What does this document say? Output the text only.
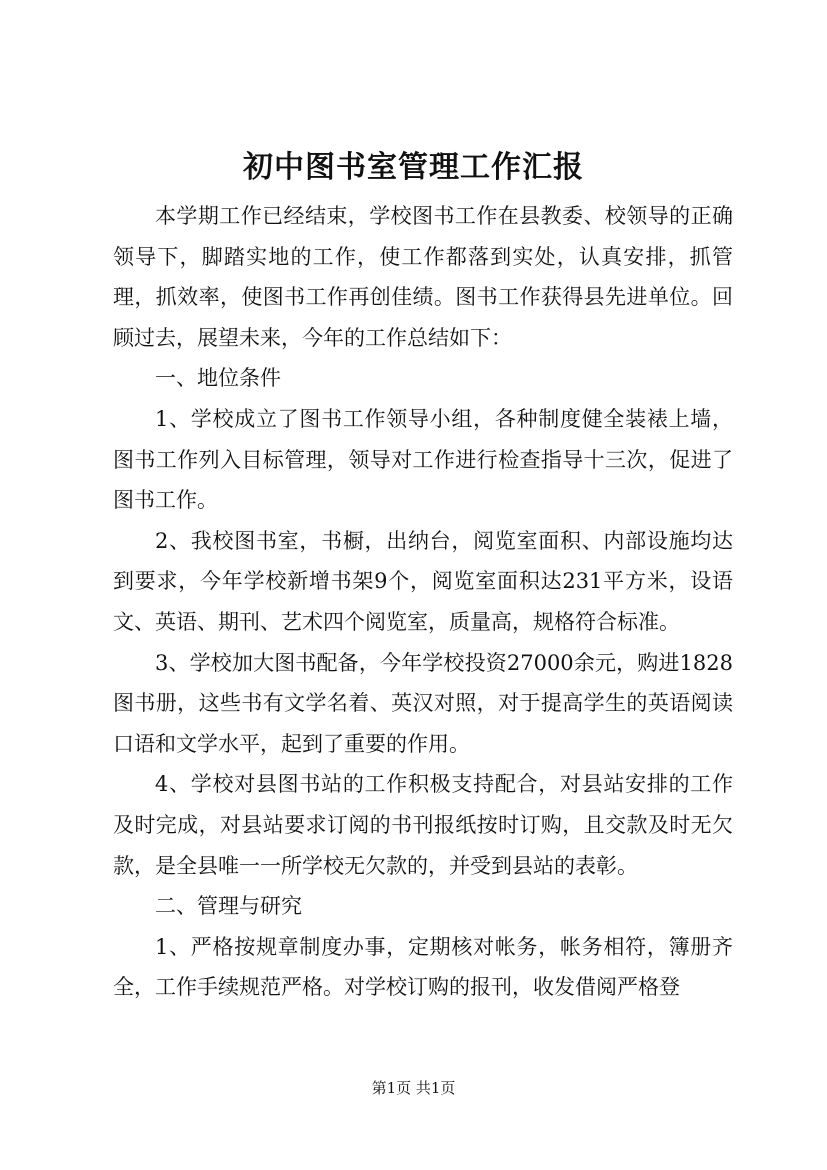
初中图书室管理工作汇报

本学期工作已经结束，学校图书工作在县教委、校领导的正确领导下，脚踏实地的工作，使工作都落到实处，认真安排，抓管理，抓效率，使图书工作再创佳绩。图书工作获得县先进单位。回顾过去，展望未来，今年的工作总结如下：

一、地位条件

1、学校成立了图书工作领导小组，各种制度健全装裱上墙，图书工作列入目标管理，领导对工作进行检查指导十三次，促进了图书工作。

2、我校图书室，书橱，出纳台，阅览室面积、内部设施均达到要求，今年学校新增书架9个，阅览室面积达231平方米，设语文、英语、期刊、艺术四个阅览室，质量高，规格符合标准。

3、学校加大图书配备，今年学校投资27000余元，购进1828图书册，这些书有文学名着、英汉对照，对于提高学生的英语阅读口语和文学水平，起到了重要的作用。

4、学校对县图书站的工作积极支持配合，对县站安排的工作及时完成，对县站要求订阅的书刊报纸按时订购，且交款及时无欠款，是全县唯一一所学校无欠款的，并受到县站的表彰。

二、管理与研究

1、严格按规章制度办事，定期核对帐务，帐务相符，簿册齐全，工作手续规范严格。对学校订购的报刊，收发借阅严格登

第1页 共1页
